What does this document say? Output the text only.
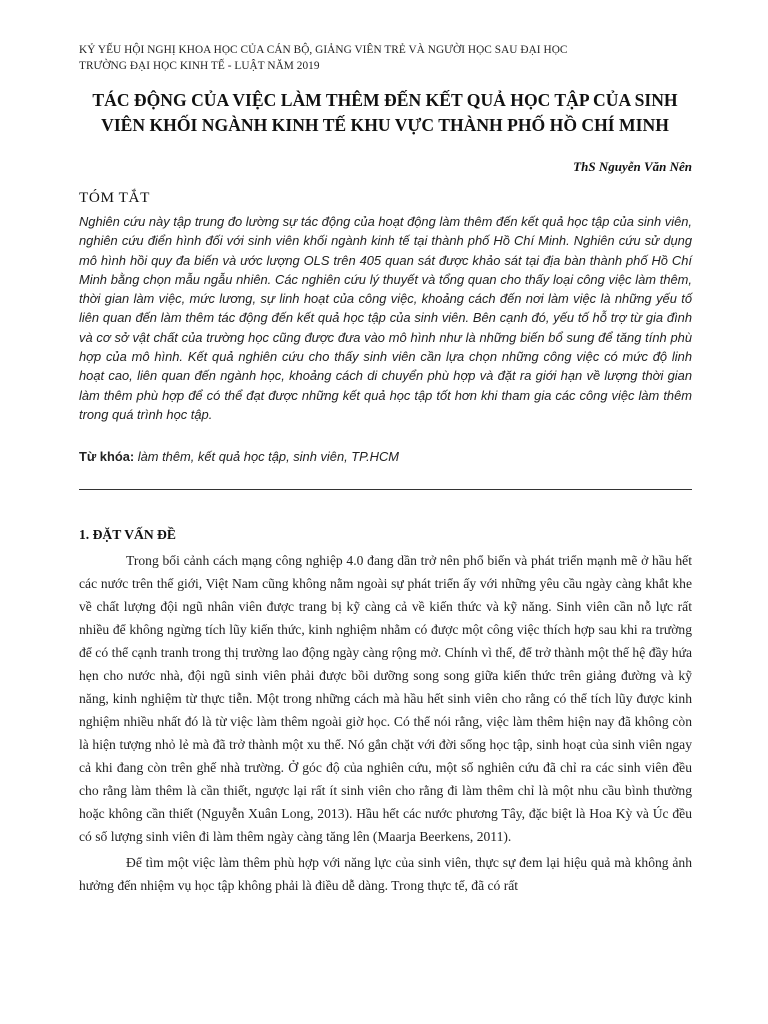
KỶ YẾU HỘI NGHỊ KHOA HỌC CỦA CÁN BỘ, GIẢNG VIÊN TRẺ VÀ NGƯỜI HỌC SAU ĐẠI HỌC
TRƯỜNG ĐẠI HỌC KINH TẾ - LUẬT NĂM 2019
TÁC ĐỘNG CỦA VIỆC LÀM THÊM ĐẾN KẾT QUẢ HỌC TẬP CỦA SINH
VIÊN KHỐI NGÀNH KINH TẾ KHU VỰC THÀNH PHỐ HỒ CHÍ MINH
ThS Nguyễn Văn Nên
TÓM TẮT

Nghiên cứu này tập trung đo lường sự tác động của hoạt động làm thêm đến kết quả học tập của sinh viên, nghiên cứu điển hình đối với sinh viên khối ngành kinh tế tại thành phố Hồ Chí Minh. Nghiên cứu sử dụng mô hình hồi quy đa biến và ước lượng OLS trên 405 quan sát được khảo sát tại địa bàn thành phố Hồ Chí Minh bằng chọn mẫu ngẫu nhiên. Các nghiên cứu lý thuyết và tổng quan cho thấy loại công việc làm thêm, thời gian làm việc, mức lương, sự linh hoạt của công việc, khoảng cách đến nơi làm việc là những yếu tố liên quan đến làm thêm tác động đến kết quả học tập của sinh viên. Bên cạnh đó, yếu tố hỗ trợ từ gia đình và cơ sở vật chất của trường học cũng được đưa vào mô hình như là những biến bổ sung để tăng tính phù hợp của mô hình. Kết quả nghiên cứu cho thấy sinh viên cần lựa chọn những công việc có mức độ linh hoạt cao, liên quan đến ngành học, khoảng cách di chuyển phù hợp và đặt ra giới hạn về lượng thời gian làm thêm phù hợp để có thể đạt được những kết quả học tập tốt hơn khi tham gia các công việc làm thêm trong quá trình học tập.

Từ khóa: làm thêm, kết quả học tập, sinh viên, TP.HCM
1. ĐẶT VẤN ĐỀ

Trong bối cảnh cách mạng công nghiệp 4.0 đang dần trở nên phổ biến và phát triển mạnh mẽ ở hầu hết các nước trên thế giới, Việt Nam cũng không nằm ngoài sự phát triển ấy với những yêu cầu ngày càng khắt khe về chất lượng đội ngũ nhân viên được trang bị kỹ càng cả về kiến thức và kỹ năng. Sinh viên cần nỗ lực rất nhiều để không ngừng tích lũy kiến thức, kinh nghiệm nhằm có được một công việc thích hợp sau khi ra trường để có thể cạnh tranh trong thị trường lao động ngày càng rộng mở. Chính vì thế, để trở thành một thế hệ đầy hứa hẹn cho nước nhà, đội ngũ sinh viên phải được bồi dưỡng song song giữa kiến thức trên giảng đường và kỹ năng, kinh nghiệm từ thực tiễn. Một trong những cách mà hầu hết sinh viên cho rằng có thể tích lũy được kinh nghiệm nhiều nhất đó là từ việc làm thêm ngoài giờ học. Có thể nói rằng, việc làm thêm hiện nay đã không còn là hiện tượng nhỏ lẻ mà đã trở thành một xu thế. Nó gắn chặt với đời sống học tập, sinh hoạt của sinh viên ngay cả khi đang còn trên ghế nhà trường. Ở góc độ của nghiên cứu, một số nghiên cứu đã chỉ ra các sinh viên đều cho rằng làm thêm là cần thiết, ngược lại rất ít sinh viên cho rằng đi làm thêm chỉ là một nhu cầu bình thường hoặc không cần thiết (Nguyễn Xuân Long, 2013). Hầu hết các nước phương Tây, đặc biệt là Hoa Kỳ và Úc đều có số lượng sinh viên đi làm thêm ngày càng tăng lên (Maarja Beerkens, 2011).

Để tìm một việc làm thêm phù hợp với năng lực của sinh viên, thực sự đem lại hiệu quả mà không ảnh hưởng đến nhiệm vụ học tập không phải là điều dễ dàng. Trong thực tế, đã có rất
